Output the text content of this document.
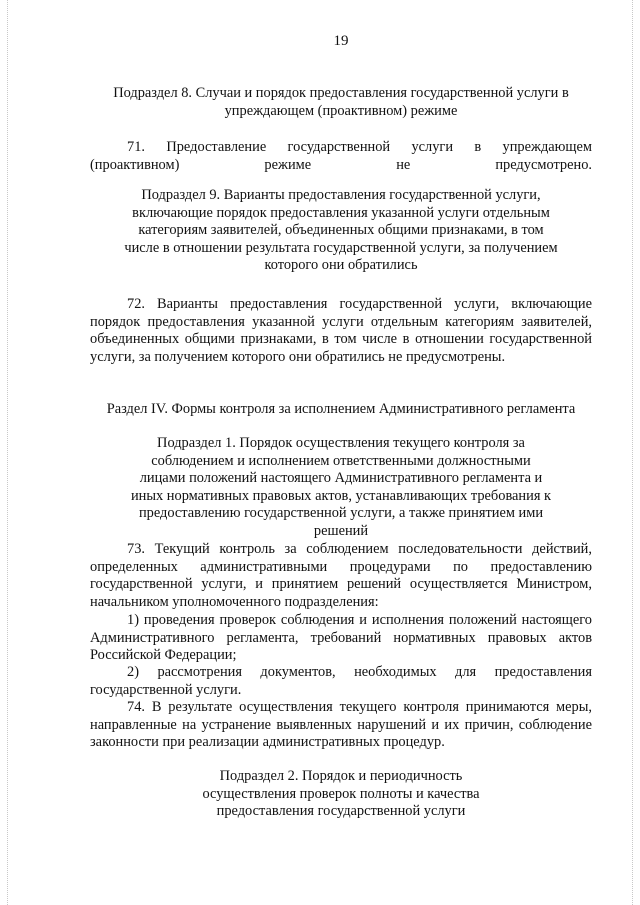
19
Подраздел 8. Случаи и порядок предоставления государственной услуги в упреждающем (проактивном) режиме
71. Предоставление государственной услуги в упреждающем (проактивном) режиме не предусмотрено.
Подраздел 9. Варианты предоставления государственной услуги, включающие порядок предоставления указанной услуги отдельным категориям заявителей, объединенных общими признаками, в том числе в отношении результата государственной услуги, за получением которого они обратились
72. Варианты предоставления государственной услуги, включающие порядок предоставления указанной услуги отдельным категориям заявителей, объединенных общими признаками, в том числе в отношении государственной услуги, за получением которого они обратились не предусмотрены.
Раздел IV. Формы контроля за исполнением Административного регламента
Подраздел 1. Порядок осуществления текущего контроля за соблюдением и исполнением ответственными должностными лицами положений настоящего Административного регламента и иных нормативных правовых актов, устанавливающих требования к предоставлению государственной услуги, а также принятием ими решений
73. Текущий контроль за соблюдением последовательности действий, определенных административными процедурами по предоставлению государственной услуги, и принятием решений осуществляется Министром, начальником уполномоченного подразделения:
1) проведения проверок соблюдения и исполнения положений настоящего Административного регламента, требований нормативных правовых актов Российской Федерации;
2) рассмотрения документов, необходимых для предоставления государственной услуги.
74. В результате осуществления текущего контроля принимаются меры, направленные на устранение выявленных нарушений и их причин, соблюдение законности при реализации административных процедур.
Подраздел 2. Порядок и периодичность осуществления проверок полноты и качества предоставления государственной услуги
